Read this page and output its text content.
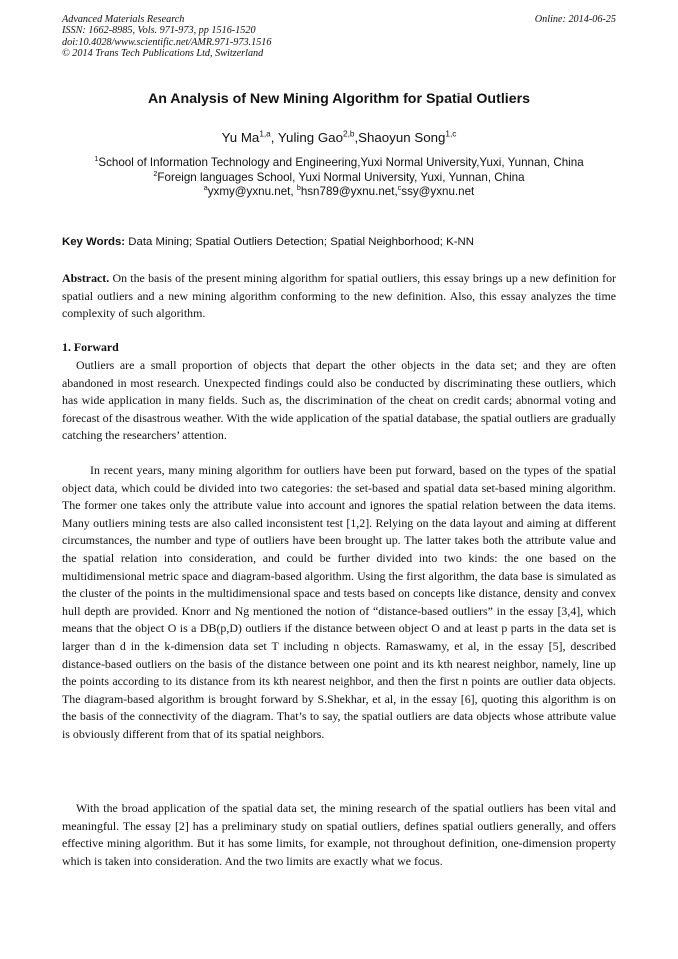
Advanced Materials Research
ISSN: 1662-8985, Vols. 971-973, pp 1516-1520
doi:10.4028/www.scientific.net/AMR.971-973.1516
© 2014 Trans Tech Publications Ltd, Switzerland
Online: 2014-06-25
An Analysis of New Mining Algorithm for Spatial Outliers
Yu Ma$^{1,a}$, Yuling Gao$^{2,b}$,Shaoyun Song$^{1,c}$
$^1$School of Information Technology and Engineering,Yuxi Normal University,Yuxi, Yunnan, China
$^2$Foreign languages School, Yuxi Normal University, Yuxi, Yunnan, China
$^a$yxmy@yxnu.net, $^b$hsn789@yxnu.net,$^c$ssy@yxnu.net
Key Words: Data Mining; Spatial Outliers Detection; Spatial Neighborhood; K-NN
Abstract. On the basis of the present mining algorithm for spatial outliers, this essay brings up a new definition for spatial outliers and a new mining algorithm conforming to the new definition. Also, this essay analyzes the time complexity of such algorithm.
1. Forward
Outliers are a small proportion of objects that depart the other objects in the data set; and they are often abandoned in most research. Unexpected findings could also be conducted by discriminating these outliers, which has wide application in many fields. Such as, the discrimination of the cheat on credit cards; abnormal voting and forecast of the disastrous weather. With the wide application of the spatial database, the spatial outliers are gradually catching the researchers’ attention.
In recent years, many mining algorithm for outliers have been put forward, based on the types of the spatial object data, which could be divided into two categories: the set-based and spatial data set-based mining algorithm. The former one takes only the attribute value into account and ignores the spatial relation between the data items. Many outliers mining tests are also called inconsistent test [1,2]. Relying on the data layout and aiming at different circumstances, the number and type of outliers have been brought up. The latter takes both the attribute value and the spatial relation into consideration, and could be further divided into two kinds: the one based on the multidimensional metric space and diagram-based algorithm. Using the first algorithm, the data base is simulated as the cluster of the points in the multidimensional space and tests based on concepts like distance, density and convex hull depth are provided. Knorr and Ng mentioned the notion of “distance-based outliers” in the essay [3,4], which means that the object O is a DB(p,D) outliers if the distance between object O and at least p parts in the data set is larger than d in the k-dimension data set T including n objects. Ramaswamy, et al, in the essay [5], described distance-based outliers on the basis of the distance between one point and its kth nearest neighbor, namely, line up the points according to its distance from its kth nearest neighbor, and then the first n points are outlier data objects. The diagram-based algorithm is brought forward by S.Shekhar, et al, in the essay [6], quoting this algorithm is on the basis of the connectivity of the diagram. That’s to say, the spatial outliers are data objects whose attribute value is obviously different from that of its spatial neighbors.
With the broad application of the spatial data set, the mining research of the spatial outliers has been vital and meaningful. The essay [2] has a preliminary study on spatial outliers, defines spatial outliers generally, and offers effective mining algorithm. But it has some limits, for example, not throughout definition, one-dimension property which is taken into consideration. And the two limits are exactly what we focus.
